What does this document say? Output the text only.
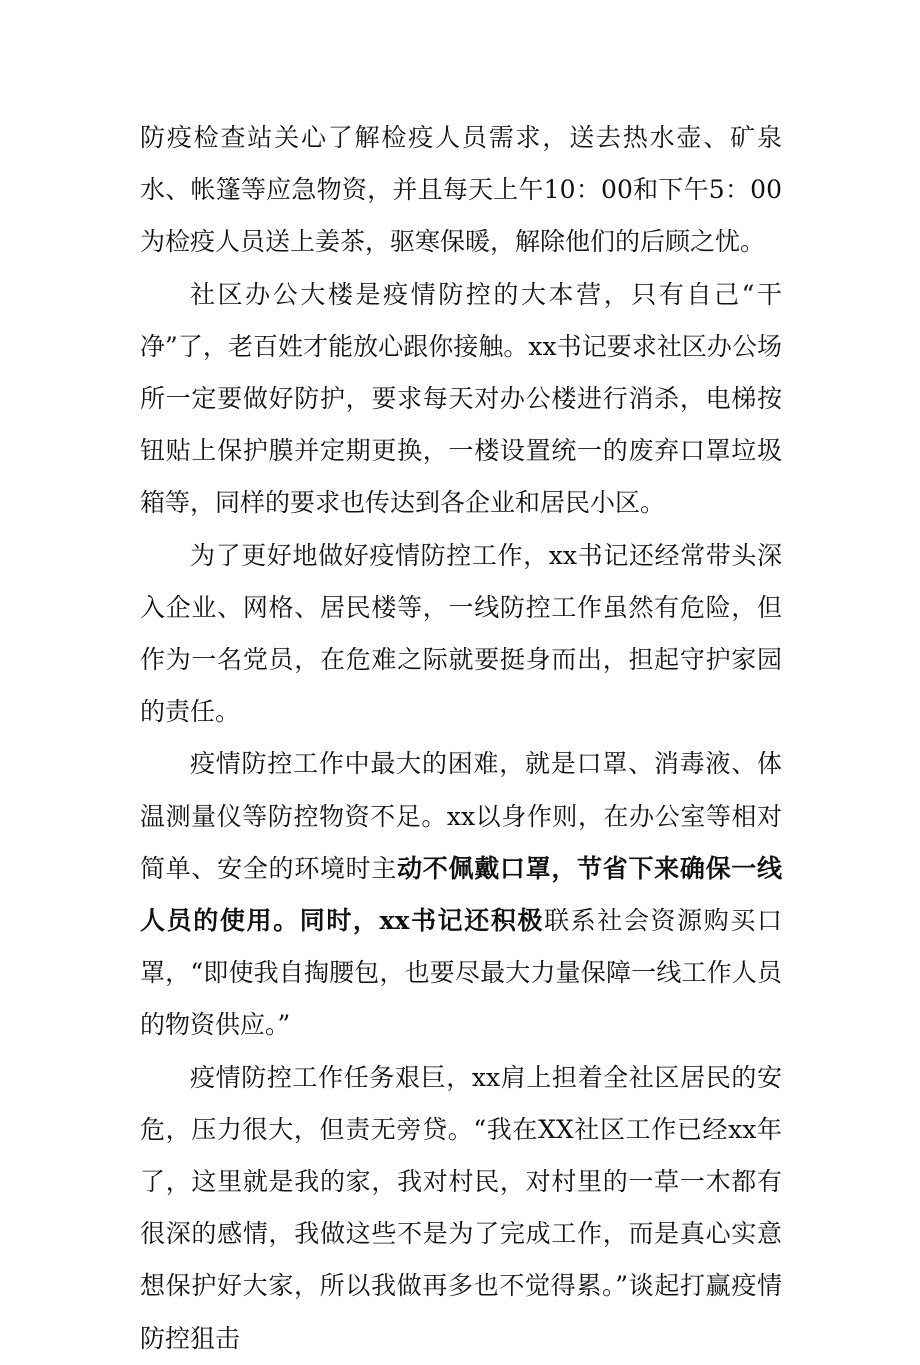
防疫检查站关心了解检疫人员需求，送去热水壶、矿泉水、帐篷等应急物资，并且每天上午10：00和下午5：00为检疫人员送上姜茶，驱寒保暖，解除他们的后顾之忧。

社区办公大楼是疫情防控的大本营，只有自己“干净”了，老百姓才能放心跟你接触。xx书记要求社区办公场所一定要做好防护，要求每天对办公楼进行消杀，电梯按钮贴上保护膜并定期更换，一楼设置统一的废弃口罩垃圾箱等，同样的要求也传达到各企业和居民小区。

为了更好地做好疫情防控工作，xx书记还经常带头深入企业、网格、居民楼等，一线防控工作虽然有危险，但作为一名党员，在危难之际就要挺身而出，担起守护家园的责任。

疫情防控工作中最大的困难，就是口罩、消毒液、体温测量仪等防控物资不足。xx以身作则，在办公室等相对简单、安全的环境时主动不佩戴口罩，节省下来确保一线人员的使用。同时，xx书记还积极联系社会资源购买口罩，“即使我自掏腰包，也要尽最大力量保障一线工作人员的物资供应。”

疫情防控工作任务艰巨，xx肩上担着全社区居民的安危，压力很大，但责无旁贷。“我在XX社区工作已经xx年了，这里就是我的家，我对村民，对村里的一草一木都有很深的感情，我做这些不是为了完成工作，而是真心实意想保护好大家，所以我做再多也不觉得累。”谈起打赢疫情防控狙击
